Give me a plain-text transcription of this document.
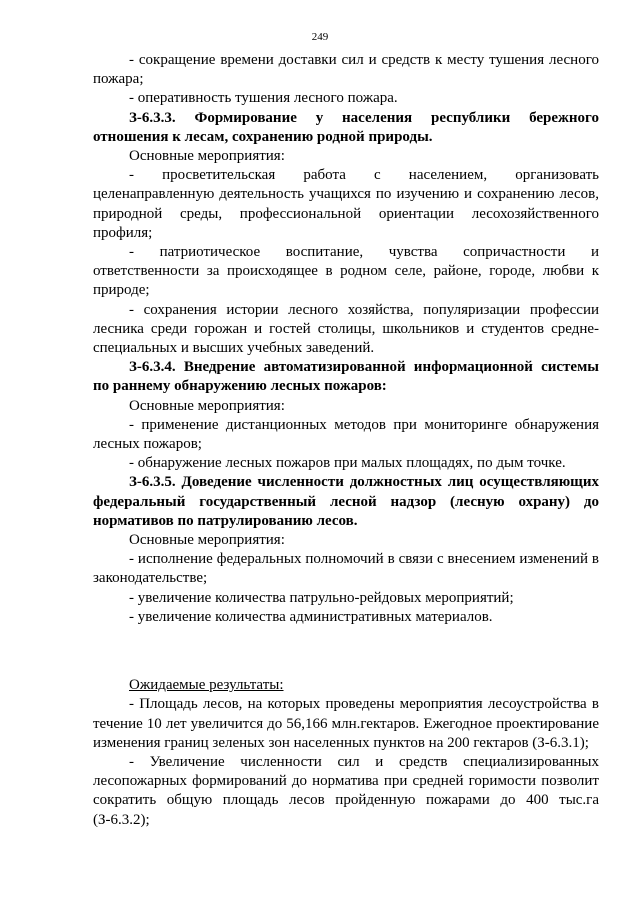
249

- сокращение времени доставки сил и средств к месту тушения лесного пожара;

- оперативность тушения лесного пожара.

З-6.3.3. Формирование у населения республики бережного отношения к лесам, сохранению родной природы.

Основные мероприятия:

- просветительская работа с населением, организовать целенаправленную деятельность учащихся по изучению и сохранению лесов, природной среды, профессиональной ориентации лесохозяйственного профиля;

- патриотическое воспитание, чувства сопричастности и ответственности за происходящее в родном селе, районе, городе, любви к природе;

- сохранения истории лесного хозяйства, популяризации профессии лесника среди горожан и гостей столицы, школьников и студентов средне-специальных и высших учебных заведений.

З-6.3.4. Внедрение автоматизированной информационной системы по раннему обнаружению лесных пожаров:

Основные мероприятия:

- применение дистанционных методов при мониторинге обнаружения лесных пожаров;

- обнаружение лесных пожаров при малых площадях, по дым точке.

З-6.3.5. Доведение численности должностных лиц осуществляющих федеральный государственный лесной надзор (лесную охрану) до нормативов по патрулированию лесов.

Основные мероприятия:

- исполнение федеральных полномочий в связи с внесением изменений в законодательстве;

- увеличение количества патрульно-рейдовых мероприятий;

- увеличение количества административных материалов.

Ожидаемые результаты:

- Площадь лесов, на которых проведены мероприятия лесоустройства в течение 10 лет увеличится до 56,166 млн.гектаров. Ежегодное проектирование изменения границ зеленых зон населенных пунктов на 200 гектаров (З-6.3.1);

- Увеличение численности сил и средств специализированных лесопожарных формирований до норматива при средней горимости позволит сократить общую площадь лесов пройденную пожарами до 400 тыс.га (З-6.3.2);
